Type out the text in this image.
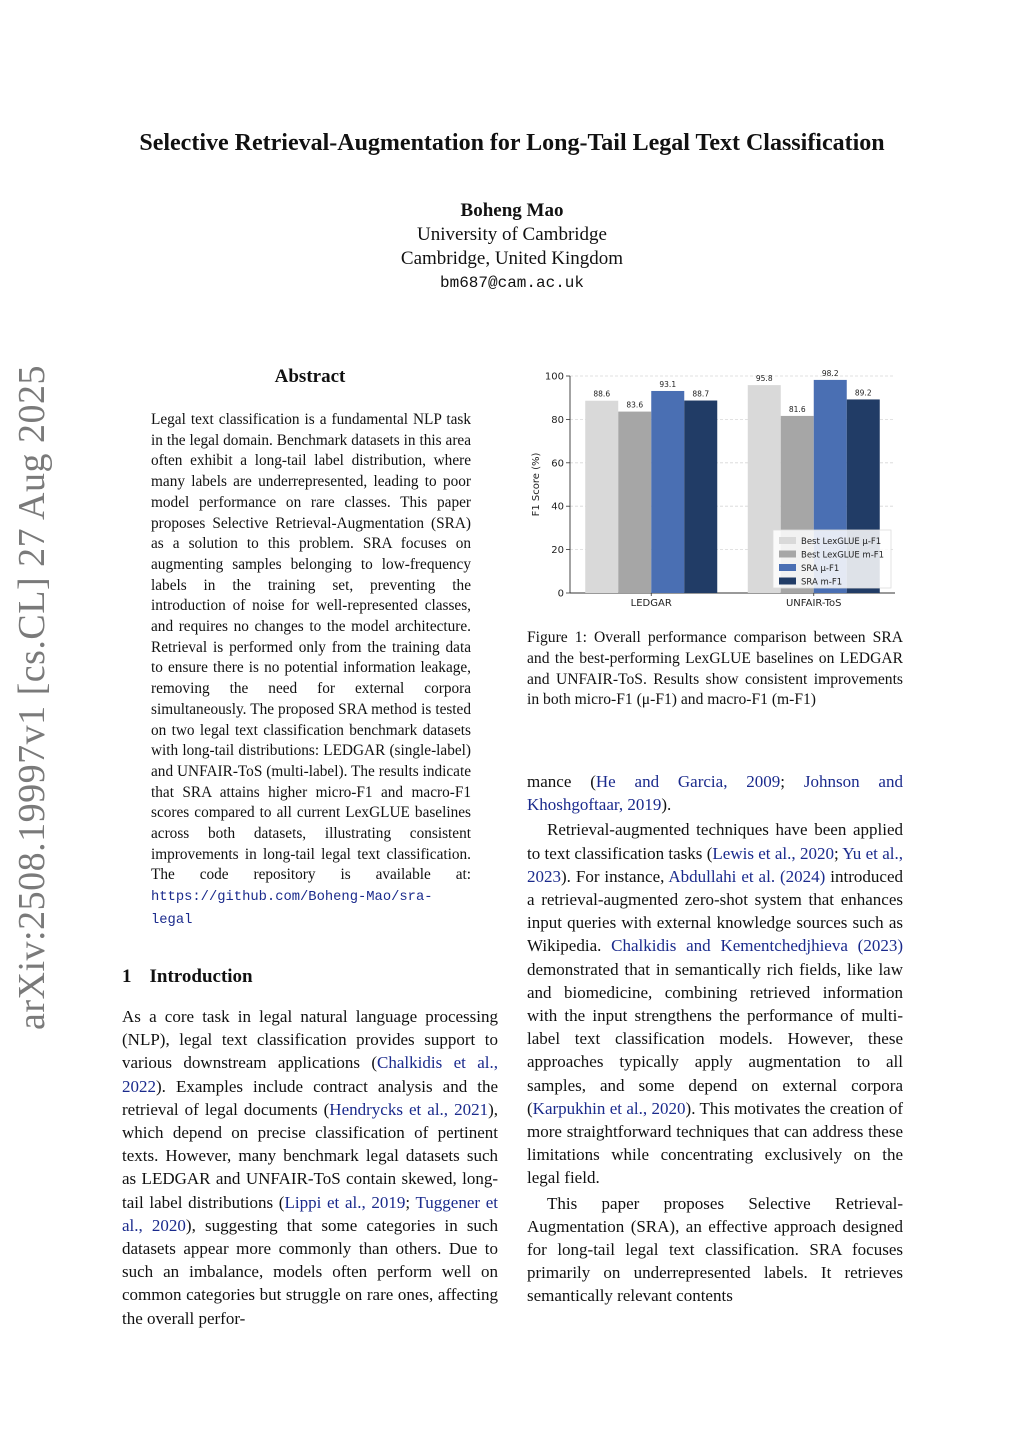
arXiv:2508.19997v1 [cs.CL] 27 Aug 2025
Selective Retrieval-Augmentation for Long-Tail Legal Text Classification
Boheng Mao
University of Cambridge
Cambridge, United Kingdom
bm687@cam.ac.uk
Abstract
Legal text classification is a fundamental NLP task in the legal domain. Benchmark datasets in this area often exhibit a long-tail label distribution, where many labels are underrepresented, leading to poor model performance on rare classes. This paper proposes Selective Retrieval-Augmentation (SRA) as a solution to this problem. SRA focuses on augmenting samples belonging to low-frequency labels in the training set, preventing the introduction of noise for well-represented classes, and requires no changes to the model architecture. Retrieval is performed only from the training data to ensure there is no potential information leakage, removing the need for external corpora simultaneously. The proposed SRA method is tested on two legal text classification benchmark datasets with long-tail distributions: LEDGAR (single-label) and UNFAIR-ToS (multi-label). The results indicate that SRA attains higher micro-F1 and macro-F1 scores compared to all current LexGLUE baselines across both datasets, illustrating consistent improvements in long-tail legal text classification. The code repository is available at: https://github.com/Boheng-Mao/sra-legal
0
20
40
60
80
100
F1 Score (%)
88.6
83.6
93.1
88.7
LEDGAR
95.8
81.6
98.2
89.2
UNFAIR-ToS
Best LexGLUE μ-F1
Best LexGLUE m-F1
SRA μ-F1
SRA m-F1
Figure 1: Overall performance comparison between SRA and the best-performing LexGLUE baselines on LEDGAR and UNFAIR-ToS. Results show consistent improvements in both micro-F1 (μ-F1) and macro-F1 (m-F1)
1 Introduction

As a core task in legal natural language processing (NLP), legal text classification provides support to various downstream applications (Chalkidis et al., 2022). Examples include contract analysis and the retrieval of legal documents (Hendrycks et al., 2021), which depend on precise classification of pertinent texts. However, many benchmark legal datasets such as LEDGAR and UNFAIR-ToS contain skewed, long-tail label distributions (Lippi et al., 2019; Tuggener et al., 2020), suggesting that some categories in such datasets appear more commonly than others. Due to such an imbalance, models often perform well on common categories but struggle on rare ones, affecting the overall perfor-

mance (He and Garcia, 2009; Johnson and Khoshgoftaar, 2019).

Retrieval-augmented techniques have been applied to text classification tasks (Lewis et al., 2020; Yu et al., 2023). For instance, Abdullahi et al. (2024) introduced a retrieval-augmented zero-shot system that enhances input queries with external knowledge sources such as Wikipedia. Chalkidis and Kementchedjhieva (2023) demonstrated that in semantically rich fields, like law and biomedicine, combining retrieved information with the input strengthens the performance of multi-label text classification models. However, these approaches typically apply augmentation to all samples, and some depend on external corpora (Karpukhin et al., 2020). This motivates the creation of more straightforward techniques that can address these limitations while concentrating exclusively on the legal field.

This paper proposes Selective Retrieval-Augmentation (SRA), an effective approach designed for long-tail legal text classification. SRA focuses primarily on underrepresented labels. It retrieves semantically relevant contents
